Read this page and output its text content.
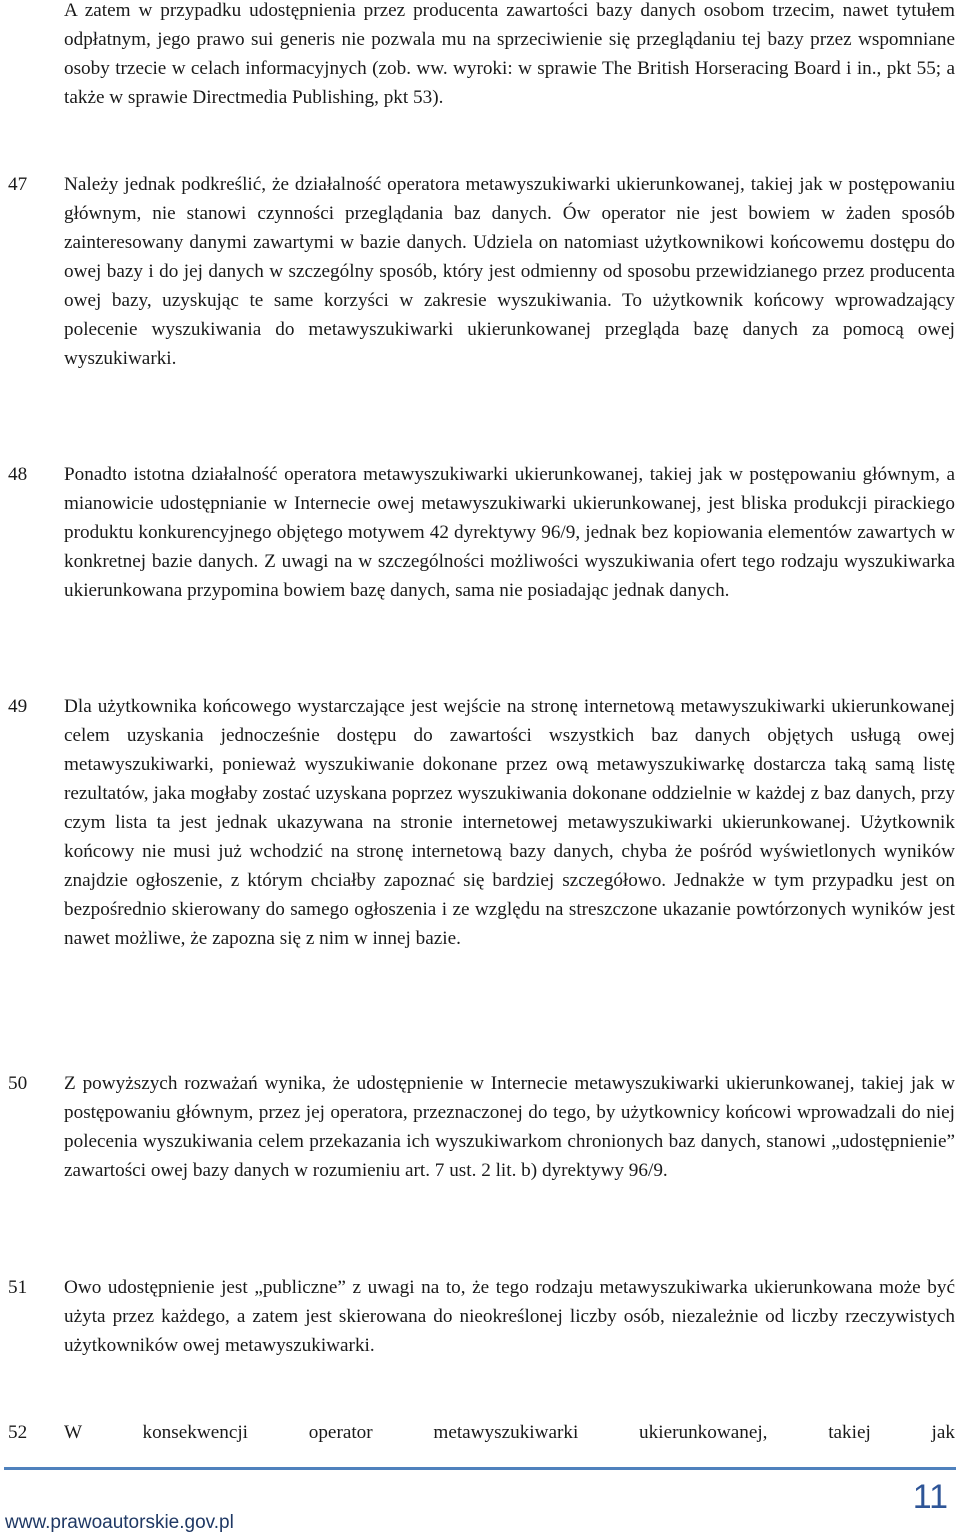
A zatem w przypadku udostępnienia przez producenta zawartości bazy danych osobom trzecim, nawet tytułem odpłatnym, jego prawo sui generis nie pozwala mu na sprzeciwienie się przeglądaniu tej bazy przez wspomniane osoby trzecie w celach informacyjnych (zob. ww. wyroki: w sprawie The British Horseracing Board i in., pkt 55; a także w sprawie Directmedia Publishing, pkt 53).

47	Należy jednak podkreślić, że działalność operatora metawyszukiwarki ukierunkowanej, takiej jak w postępowaniu głównym, nie stanowi czynności przeglądania baz danych. Ów operator nie jest bowiem w żaden sposób zainteresowany danymi zawartymi w bazie danych. Udziela on natomiast użytkownikowi końcowemu dostępu do owej bazy i do jej danych w szczególny sposób, który jest odmienny od sposobu przewidzianego przez producenta owej bazy, uzyskując te same korzyści w zakresie wyszukiwania. To użytkownik końcowy wprowadzający polecenie wyszukiwania do metawyszukiwarki ukierunkowanej przegląda bazę danych za pomocą owej wyszukiwarki.

48	Ponadto istotna działalność operatora metawyszukiwarki ukierunkowanej, takiej jak w postępowaniu głównym, a mianowicie udostępnianie w Internecie owej metawyszukiwarki ukierunkowanej, jest bliska produkcji pirackiego produktu konkurencyjnego objętego motywem 42 dyrektywy 96/9, jednak bez kopiowania elementów zawartych w konkretnej bazie danych. Z uwagi na w szczególności możliwości wyszukiwania ofert tego rodzaju wyszukiwarka ukierunkowana przypomina bowiem bazę danych, sama nie posiadając jednak danych.

49	Dla użytkownika końcowego wystarczające jest wejście na stronę internetową metawyszukiwarki ukierunkowanej celem uzyskania jednocześnie dostępu do zawartości wszystkich baz danych objętych usługą owej metawyszukiwarki, ponieważ wyszukiwanie dokonane przez ową metawyszukiwarkę dostarcza taką samą listę rezultatów, jaka mogłaby zostać uzyskana poprzez wyszukiwania dokonane oddzielnie w każdej z baz danych, przy czym lista ta jest jednak ukazywana na stronie internetowej metawyszukiwarki ukierunkowanej. Użytkownik końcowy nie musi już wchodzić na stronę internetową bazy danych, chyba że pośród wyświetlonych wyników znajdzie ogłoszenie, z którym chciałby zapoznać się bardziej szczegółowo. Jednakże w tym przypadku jest on bezpośrednio skierowany do samego ogłoszenia i ze względu na streszczone ukazanie powtórzonych wyników jest nawet możliwe, że zapozna się z nim w innej bazie.

50	Z powyższych rozważań wynika, że udostępnienie w Internecie metawyszukiwarki ukierunkowanej, takiej jak w postępowaniu głównym, przez jej operatora, przeznaczonej do tego, by użytkownicy końcowi wprowadzali do niej polecenia wyszukiwania celem przekazania ich wyszukiwarkom chronionych baz danych, stanowi „udostępnienie” zawartości owej bazy danych w rozumieniu art. 7 ust. 2 lit. b) dyrektywy 96/9.

51	Owo udostępnienie jest „publiczne” z uwagi na to, że tego rodzaju metawyszukiwarka ukierunkowana może być użyta przez każdego, a zatem jest skierowana do nieokreślonej liczby osób, niezależnie od liczby rzeczywistych użytkowników owej metawyszukiwarki.

52	W konsekwencji operator metawyszukiwarki ukierunkowanej, takiej jak

www.prawoautorskie.gov.pl
11
